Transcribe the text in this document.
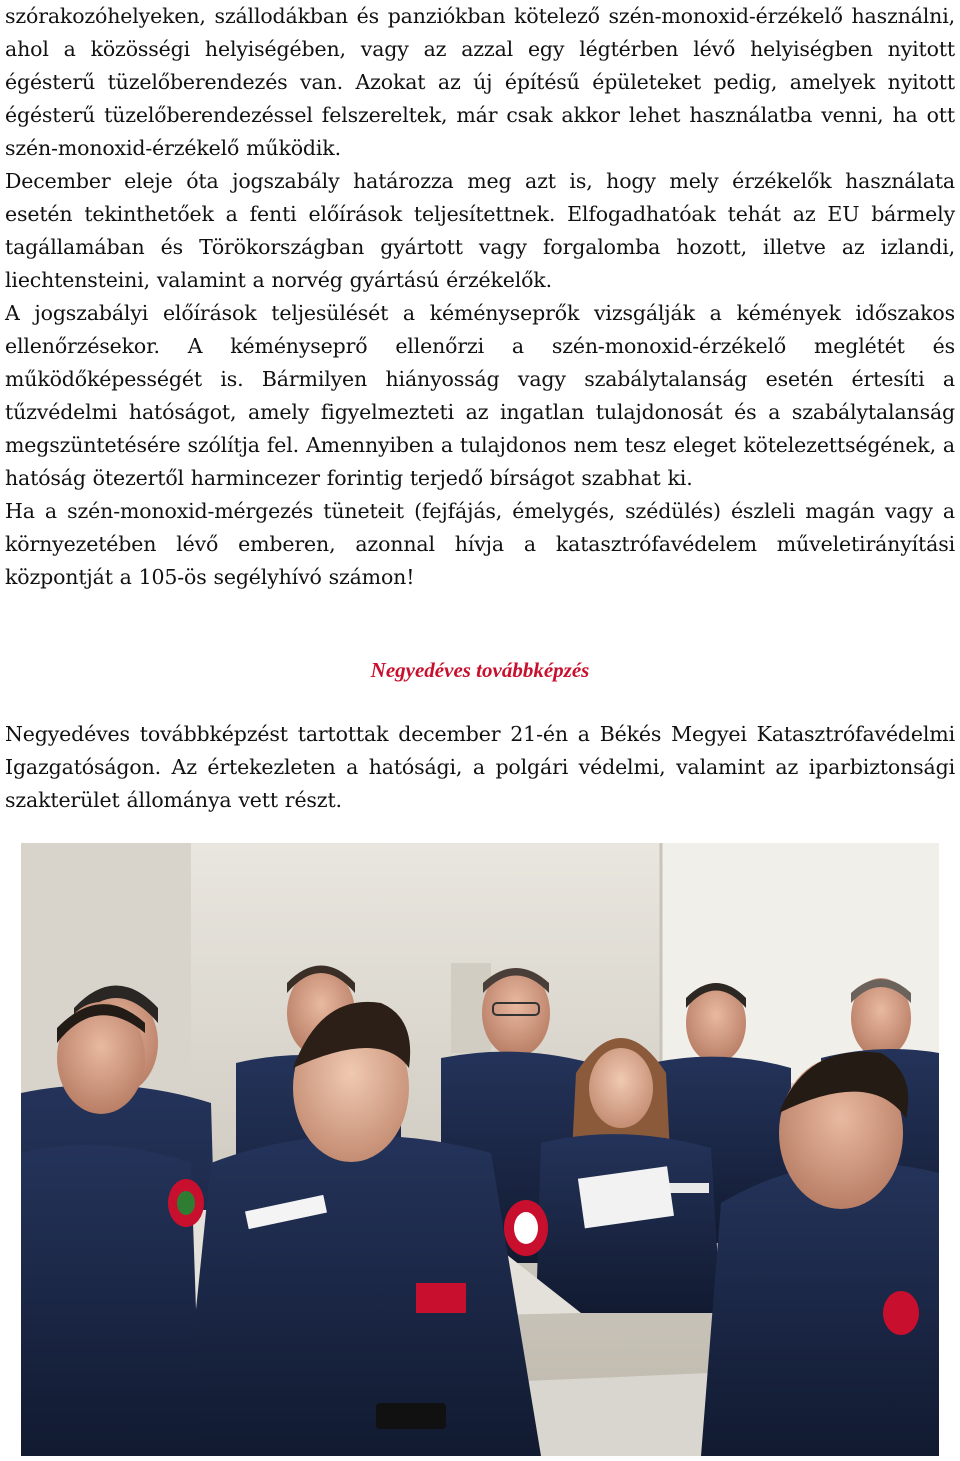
szórakozóhelyeken, szállodákban és panziókban kötelező szén-monoxid-érzékelő használni, ahol a közösségi helyiségében, vagy az azzal egy légtérben lévő helyiségben nyitott égésterű tüzelőberendezés van. Azokat az új építésű épületeket pedig, amelyek nyitott égésterű tüzelőberendezéssel felszereltek, már csak akkor lehet használatba venni, ha ott szén-monoxid-érzékelő működik.

December eleje óta jogszabály határozza meg azt is, hogy mely érzékelők használata esetén tekinthetőek a fenti előírások teljesítettnek. Elfogadhatóak tehát az EU bármely tagállamában és Törökországban gyártott vagy forgalomba hozott, illetve az izlandi, liechtensteini, valamint a norvég gyártású érzékelők.

A jogszabályi előírások teljesülését a kéményseprők vizsgálják a kémények időszakos ellenőrzésekor. A kéményseprő ellenőrzi a szén-monoxid-érzékelő meglétét és működőképességét is. Bármilyen hiányosság vagy szabálytalanság esetén értesíti a tűzvédelmi hatóságot, amely figyelmezteti az ingatlan tulajdonosát és a szabálytalanság megszüntetésére szólítja fel. Amennyiben a tulajdonos nem tesz eleget kötelezettségének, a hatóság ötezertől harmincezer forintig terjedő bírságot szabhat ki.

Ha a szén-monoxid-mérgezés tüneteit (fejfájás, émelygés, szédülés) észleli magán vagy a környezetében lévő emberen, azonnal hívja a katasztrófavédelem műveletirányítási központját a 105-ös segélyhívó számon!

Negyedéves továbbképzés

Negyedéves továbbképzést tartottak december 21-én a Békés Megyei Katasztrófavédelmi Igazgatóságon. Az értekezleten a hatósági, a polgári védelmi, valamint az iparbiztonsági szakterület állománya vett részt.
